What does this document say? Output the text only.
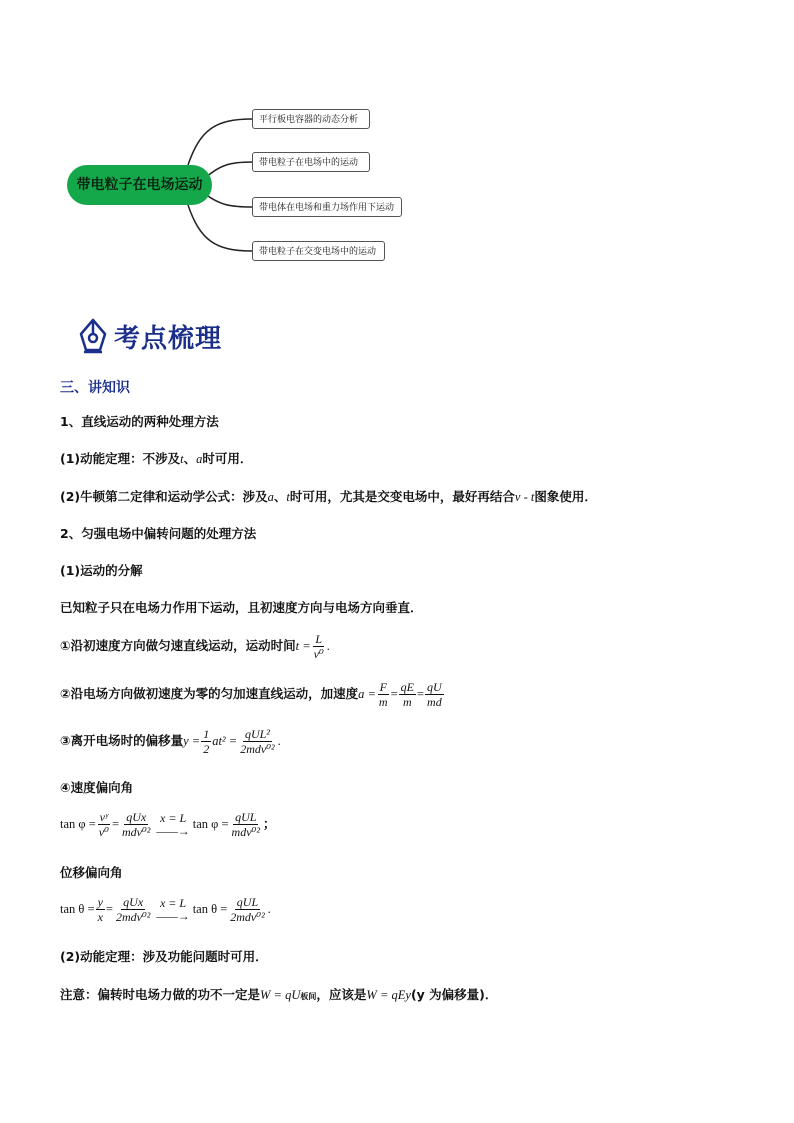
带电粒子在电场运动
平行板电容器的动态分析
带电粒子在电场中的运动
带电体在电场和重力场作用下运动
带电粒子在交变电场中的运动
考点梳理
三、讲知识
1、直线运动的两种处理方法
(1)动能定理：不涉及t、a时可用．
(2)牛顿第二定律和运动学公式：涉及a、t时可用，尤其是交变电场中，最好再结合v - t图象使用．
2、匀强电场中偏转问题的处理方法
(1)运动的分解
已知粒子只在电场力作用下运动，且初速度方向与电场方向垂直．
①沿初速度方向做匀速直线运动，运动时间$t = \frac{L}{\text{v⁰}}$ .
②沿电场方向做初速度为零的匀加速直线运动，加速度$a = \frac{F}{m} = \frac{qE}{m} = \frac{qU}{md}$
③离开电场时的偏移量$y = \frac{1}{2} at^2 = \frac{\text{qUL²}}{\text{2mdv⁰²}}$ .
④速度偏向角
$\tan \varphi = \frac{\text{vʸ}}{\text{v⁰}} = \frac{\text{qUx}}{\text{mdv⁰²}}$ x = L
——→ $\tan \varphi = \frac{\text{qUL}}{\text{mdv⁰²}}$ ；
位移偏向角
$\tan \theta = \frac{y}{x} = \frac{\text{qUx}}{\text{2mdv⁰²}}$ x = L
——→ $\tan \theta = \frac{\text{qUL}}{\text{2mdv⁰²}}$ .
(2)动能定理：涉及功能问题时可用．
注意：偏转时电场力做的功不一定是W = qU板间，应该是W = qEy(y 为偏移量)．
